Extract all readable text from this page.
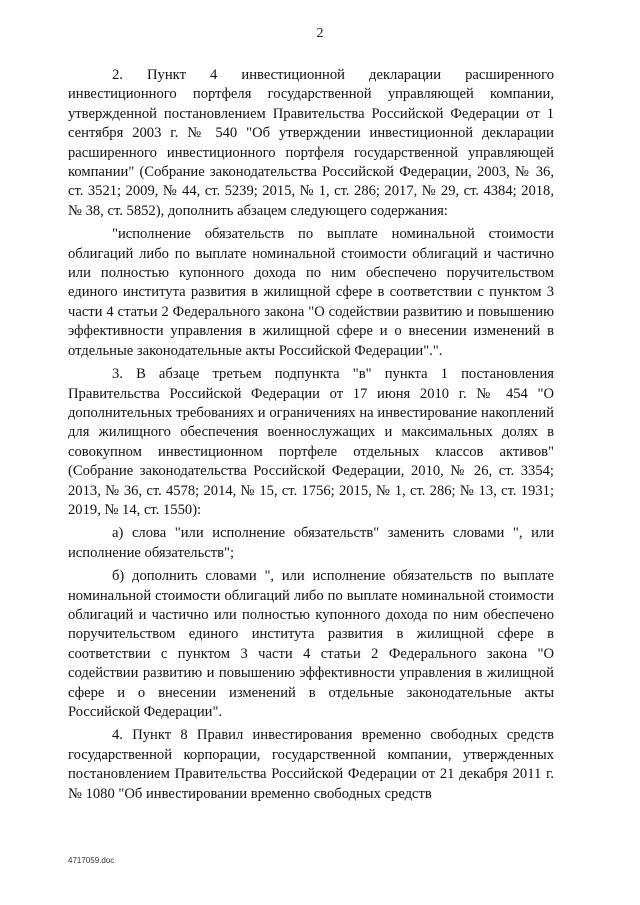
2

2. Пункт 4 инвестиционной декларации расширенного инвестиционного портфеля государственной управляющей компании, утвержденной постановлением Правительства Российской Федерации от 1 сентября 2003 г. № 540 "Об утверждении инвестиционной декларации расширенного инвестиционного портфеля государственной управляющей компании" (Собрание законодательства Российской Федерации, 2003, № 36, ст. 3521; 2009, № 44, ст. 5239; 2015, № 1, ст. 286; 2017, № 29, ст. 4384; 2018, № 38, ст. 5852), дополнить абзацем следующего содержания:

"исполнение обязательств по выплате номинальной стоимости облигаций либо по выплате номинальной стоимости облигаций и частично или полностью купонного дохода по ним обеспечено поручительством единого института развития в жилищной сфере в соответствии с пунктом 3 части 4 статьи 2 Федерального закона "О содействии развитию и повышению эффективности управления в жилищной сфере и о внесении изменений в отдельные законодательные акты Российской Федерации".".

3. В абзаце третьем подпункта "в" пункта 1 постановления Правительства Российской Федерации от 17 июня 2010 г. № 454 "О дополнительных требованиях и ограничениях на инвестирование накоплений для жилищного обеспечения военнослужащих и максимальных долях в совокупном инвестиционном портфеле отдельных классов активов" (Собрание законодательства Российской Федерации, 2010, № 26, ст. 3354; 2013, № 36, ст. 4578; 2014, № 15, ст. 1756; 2015, № 1, ст. 286; № 13, ст. 1931; 2019, № 14, ст. 1550):

а) слова "или исполнение обязательств" заменить словами ", или исполнение обязательств";

б) дополнить словами ", или исполнение обязательств по выплате номинальной стоимости облигаций либо по выплате номинальной стоимости облигаций и частично или полностью купонного дохода по ним обеспечено поручительством единого института развития в жилищной сфере в соответствии с пунктом 3 части 4 статьи 2 Федерального закона "О содействии развитию и повышению эффективности управления в жилищной сфере и о внесении изменений в отдельные законодательные акты Российской Федерации".

4. Пункт 8 Правил инвестирования временно свободных средств государственной корпорации, государственной компании, утвержденных постановлением Правительства Российской Федерации от 21 декабря 2011 г. № 1080 "Об инвестировании временно свободных средств

4717059.doc
